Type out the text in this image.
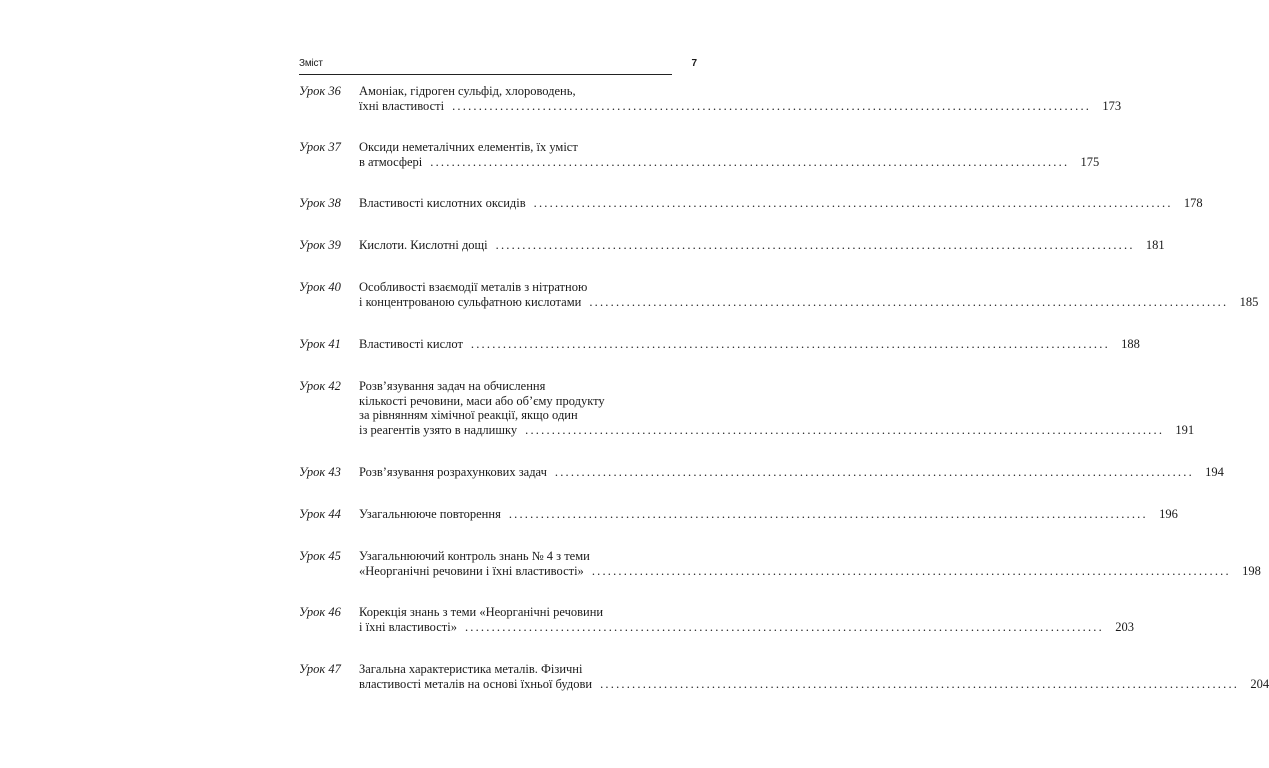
Зміст	7
Урок 36 Амоніак, гідроген сульфід, хлороводень,
їхні властивості ........................................................................................................................ 173
Урок 37 Оксиди неметалічних елементів, їх уміст
в атмосфері ........................................................................................................................ 175
Урок 38 Властивості кислотних оксидів ........................................................................................................................ 178
Урок 39 Кислоти. Кислотні дощі ........................................................................................................................ 181
Урок 40 Особливості взаємодії металів з нітратною
і концентрованою сульфатною кислотами ........................................................................................................................ 185
Урок 41 Властивості кислот ........................................................................................................................ 188
Урок 42 Розв’язування задач на обчислення
кількості речовини, маси або об’єму продукту
за рівнянням хімічної реакції, якщо один
із реагентів узято в надлишку ........................................................................................................................ 191
Урок 43 Розв’язування розрахункових задач ........................................................................................................................ 194
Урок 44 Узагальнююче повторення ........................................................................................................................ 196
Урок 45 Узагальнюючий контроль знань № 4 з теми
«Неорганічні речовини і їхні властивості» ........................................................................................................................ 198
Урок 46 Корекція знань з теми «Неорганічні речовини
і їхні властивості» ........................................................................................................................ 203
Урок 47 Загальна характеристика металів. Фізичні
властивості металів на основі їхньої будови ........................................................................................................................ 204
